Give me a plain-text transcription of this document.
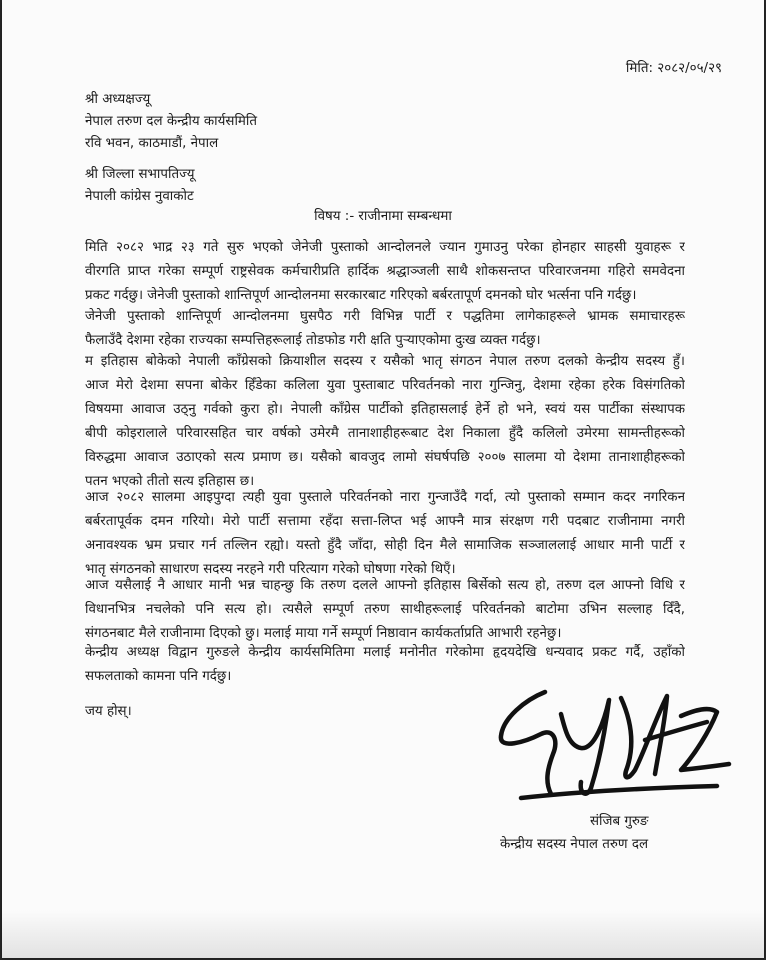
मिति: २०८२/०५/२९
श्री अध्यक्षज्यू
नेपाल तरुण दल केन्द्रीय कार्यसमिति
रवि भवन, काठमाडौं, नेपाल
श्री जिल्ला सभापतिज्यू
नेपाली कांग्रेस नुवाकोट
विषय :- राजीनामा सम्बन्धमा
मिति २०८२ भाद्र २३ गते सुरु भएको जेनेजी पुस्ताको आन्दोलनले ज्यान गुमाउनु परेका होनहार साहसी युवाहरू र
वीरगति प्राप्त गरेका सम्पूर्ण राष्ट्रसेवक कर्मचारीप्रति हार्दिक श्रद्धाञ्जली साथै शोकसन्तप्त परिवारजनमा गहिरो समवेदना
प्रकट गर्दछु। जेनेजी पुस्ताको शान्तिपूर्ण आन्दोलनमा सरकारबाट गरिएको बर्बरतापूर्ण दमनको घोर भर्त्सना पनि गर्दछु।
जेनेजी पुस्ताको शान्तिपूर्ण आन्दोलनमा घुसपैठ गरी विभिन्न पार्टी र पद्धतिमा लागेकाहरूले भ्रामक समाचारहरू
फैलाउँदै देशमा रहेका राज्यका सम्पत्तिहरूलाई तोडफोड गरी क्षति पुऱ्याएकोमा दुःख व्यक्त गर्दछु।
म इतिहास बोकेको नेपाली काँग्रेसको क्रियाशील सदस्य र यसैको भातृ संगठन नेपाल तरुण दलको केन्द्रीय सदस्य हुँ।
आज मेरो देशमा सपना बोकेर हिँडेका कलिला युवा पुस्ताबाट परिवर्तनको नारा गुन्जिनु, देशमा रहेका हरेक विसंगतिको
विषयमा आवाज उठ्नु गर्वको कुरा हो। नेपाली काँग्रेस पार्टीको इतिहासलाई हेर्ने हो भने, स्वयं यस पार्टीका संस्थापक
बीपी कोइरालाले परिवारसहित चार वर्षको उमेरमै तानाशाहीहरूबाट देश निकाला हुँदै कलिलो उमेरमा सामन्तीहरूको
विरुद्धमा आवाज उठाएको सत्य प्रमाण छ। यसैको बावजुद लामो संघर्षपछि २००७ सालमा यो देशमा तानाशाहीहरूको
पतन भएको तीतो सत्य इतिहास छ।
आज २०८२ सालमा आइपुग्दा त्यही युवा पुस्ताले परिवर्तनको नारा गुन्जाउँदै गर्दा, त्यो पुस्ताको सम्मान कदर नगरिकन
बर्बरतापूर्वक दमन गरियो। मेरो पार्टी सत्तामा रहँदा सत्ता-लिप्त भई आफ्नै मात्र संरक्षण गरी पदबाट राजीनामा नगरी
अनावश्यक भ्रम प्रचार गर्न तल्लिन रह्यो। यस्तो हुँदै जाँदा, सोही दिन मैले सामाजिक सञ्जाललाई आधार मानी पार्टी र
भातृ संगठनको साधारण सदस्य नरहने गरी परित्याग गरेको घोषणा गरेको थिएँ।
आज यसैलाई नै आधार मानी भन्न चाहन्छु कि तरुण दलले आफ्नो इतिहास बिर्सेको सत्य हो, तरुण दल आफ्नो विधि र
विधानभित्र नचलेको पनि सत्य हो। त्यसैले सम्पूर्ण तरुण साथीहरूलाई परिवर्तनको बाटोमा उभिन सल्लाह दिँदै,
संगठनबाट मैले राजीनामा दिएको छु। मलाई माया गर्ने सम्पूर्ण निष्ठावान कार्यकर्ताप्रति आभारी रहनेछु।
केन्द्रीय अध्यक्ष विद्वान गुरुङले केन्द्रीय कार्यसमितिमा मलाई मनोनीत गरेकोमा हृदयदेखि धन्यवाद प्रकट गर्दै, उहाँको
सफलताको कामना पनि गर्दछु।
जय होस्।
संजिब गुरुङ
केन्द्रीय सदस्य नेपाल तरुण दल
